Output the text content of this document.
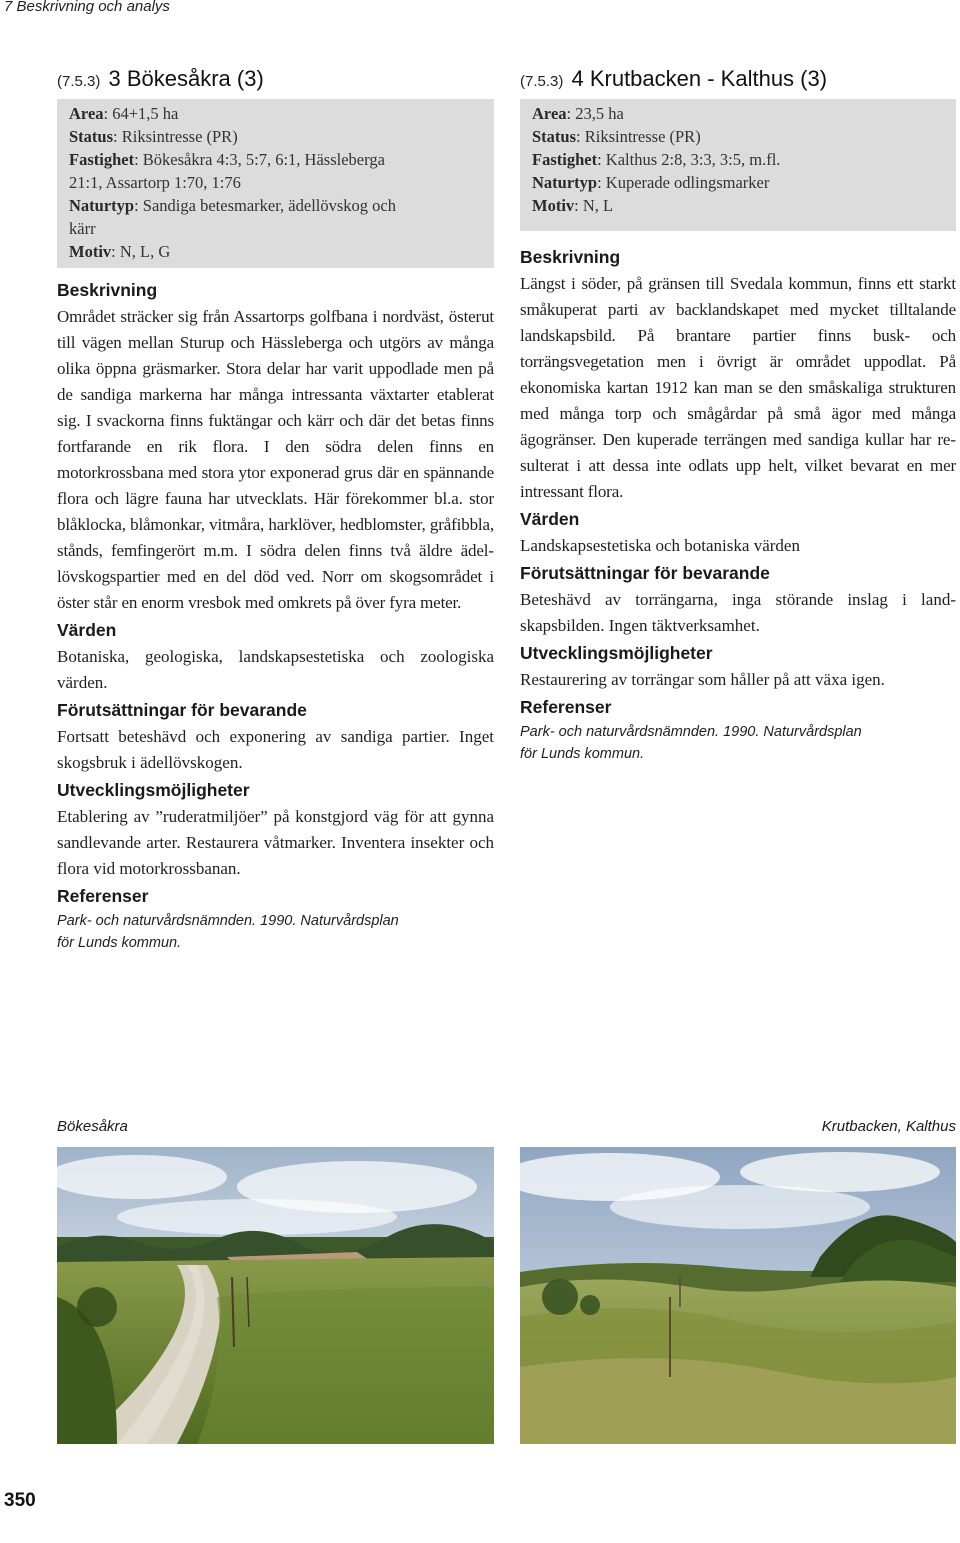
7 Beskrivning och analys
(7.5.3) 3 Bökesåkra (3)
Area: 64+1,5 ha
Status: Riksintresse (PR)
Fastighet: Bökesåkra 4:3, 5:7, 6:1, Hässleberga
21:1, Assartorp 1:70, 1:76
Naturtyp: Sandiga betesmarker, ädellövskog och
kärr
Motiv: N, L, G
Beskrivning

Området sträcker sig från Assartorps golfbana i nordväst, österut till vägen mellan Sturup och Hässleberga och utgörs av många olika öppna gräsmarker. Stora delar har varit uppodlade men på de sandiga markerna har många intressanta växtarter etablerat sig. I svackorna finns fuktängar och kärr och där det betas finns fortfarande en rik flora. I den södra delen finns en motorkrossbana med stora ytor exponerad grus där en spännande flora och lägre fauna har utvecklats. Här förekommer bl.a. stor blåklocka, blåmonkar, vitmåra, harklöver, hedblomster, gråfibbla, stånds, femfingerört m.m. I södra delen finns två äldre ädellövskogspartier med en del död ved. Norr om skogsområdet i öster står en enorm vresbok med omkrets på över fyra meter.

Värden

Botaniska, geologiska, landskapsestetiska och zoologiska värden.

Förutsättningar för bevarande

Fortsatt beteshävd och exponering av sandiga partier. Inget skogsbruk i ädellövskogen.

Utvecklingsmöjligheter

Etablering av ”ruderatmiljöer” på konstgjord väg för att gynna sandlevande arter. Restaurera våtmarker. Inventera insekter och flora vid motorkrossbanan.

Referenser

Park- och naturvårdsnämnden. 1990. Naturvårdsplan

för Lunds kommun.

(7.5.3) 4 Krutbacken - Kalthus (3)
Area: 23,5 ha
Status: Riksintresse (PR)
Fastighet: Kalthus 2:8, 3:3, 3:5, m.fl.
Naturtyp: Kuperade odlingsmarker
Motiv: N, L
Beskrivning

Längst i söder, på gränsen till Svedala kommun, finns ett starkt småkuperat parti av backlandskapet med mycket tilltalande landskapsbild. På brantare partier finns busk- och torrängsvegetation men i övrigt är området uppodlat. På ekonomiska kartan 1912 kan man se den småskaliga strukturen med många torp och smågårdar på små ägor med många ägogränser. Den kuperade terrängen med sandiga kullar har resulterat i att dessa inte odlats upp helt, vilket bevarat en mer intressant flora.

Värden

Landskapsestetiska och botaniska värden

Förutsättningar för bevarande

Beteshävd av torrängarna, inga störande inslag i landskapsbilden. Ingen täktverksamhet.

Utvecklingsmöjligheter

Restaurering av torrängar som håller på att växa igen.

Referenser

Park- och naturvårdsnämnden. 1990. Naturvårdsplan

för Lunds kommun.

Bökesåkra	Krutbacken, Kalthus
350
